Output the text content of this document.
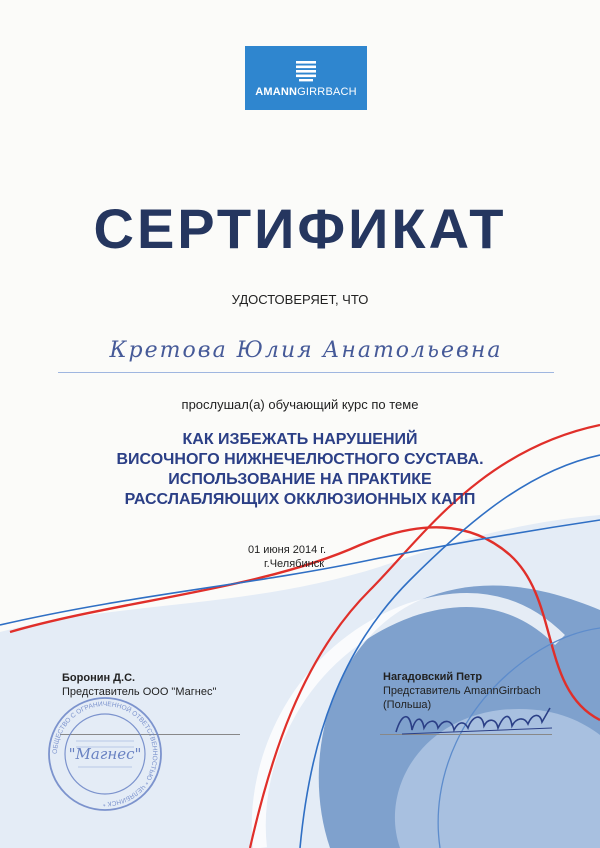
AMANNGIRRBACH
СЕРТИФИКАТ
УДОСТОВЕРЯЕТ, ЧТО
Кретова Юлия Анатольевна
прослушал(а) обучающий курс по теме
КАК ИЗБЕЖАТЬ НАРУШЕНИЙ
ВИСОЧНОГО НИЖНЕЧЕЛЮСТНОГО СУСТАВА.
ИСПОЛЬЗОВАНИЕ НА ПРАКТИКЕ
РАССЛАБЛЯЮЩИХ ОККЛЮЗИОННЫХ КАПП
01 июня 2014 г.
г.Челябинск
Боронин Д.С.
Представитель ООО "Магнес"
Нагадовский Петр
Представитель AmannGirrbach
(Польша)
ОБЩЕСТВО С ОГРАНИЧЕННОЙ ОТВЕТСТВЕННОСТЬЮ * ЧЕЛЯБИНСК *
"Магнес"
